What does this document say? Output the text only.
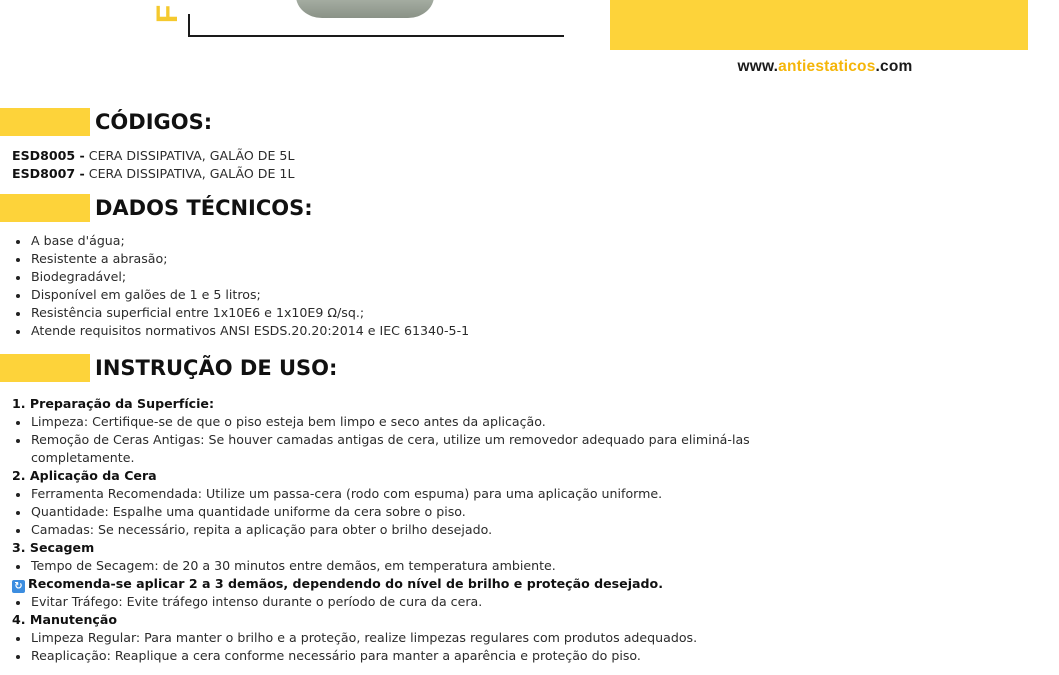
F
www.antiestaticos.com
CÓDIGOS:
ESD8005 - CERA DISSIPATIVA, GALÃO DE 5L
ESD8007 - CERA DISSIPATIVA, GALÃO DE 1L
DADOS TÉCNICOS:
A base d'água;
Resistente a abrasão;
Biodegradável;
Disponível em galões de 1 e 5 litros;
Resistência superficial entre 1x10E6 e 1x10E9 Ω/sq.;
Atende requisitos normativos ANSI ESDS.20.20:2014 e IEC 61340-5-1
INSTRUÇÃO DE USO:
1. Preparação da Superfície:
Limpeza: Certifique-se de que o piso esteja bem limpo e seco antes da aplicação.
Remoção de Ceras Antigas: Se houver camadas antigas de cera, utilize um removedor adequado para eliminá-las
completamente.
2. Aplicação da Cera
Ferramenta Recomendada: Utilize um passa-cera (rodo com espuma) para uma aplicação uniforme.
Quantidade: Espalhe uma quantidade uniforme da cera sobre o piso.
Camadas: Se necessário, repita a aplicação para obter o brilho desejado.
3. Secagem
Tempo de Secagem: de 20 a 30 minutos entre demãos, em temperatura ambiente.
↻ Recomenda-se aplicar 2 a 3 demãos, dependendo do nível de brilho e proteção desejado.
Evitar Tráfego: Evite tráfego intenso durante o período de cura da cera.
4. Manutenção
Limpeza Regular: Para manter o brilho e a proteção, realize limpezas regulares com produtos adequados.
Reaplicação: Reaplique a cera conforme necessário para manter a aparência e proteção do piso.
